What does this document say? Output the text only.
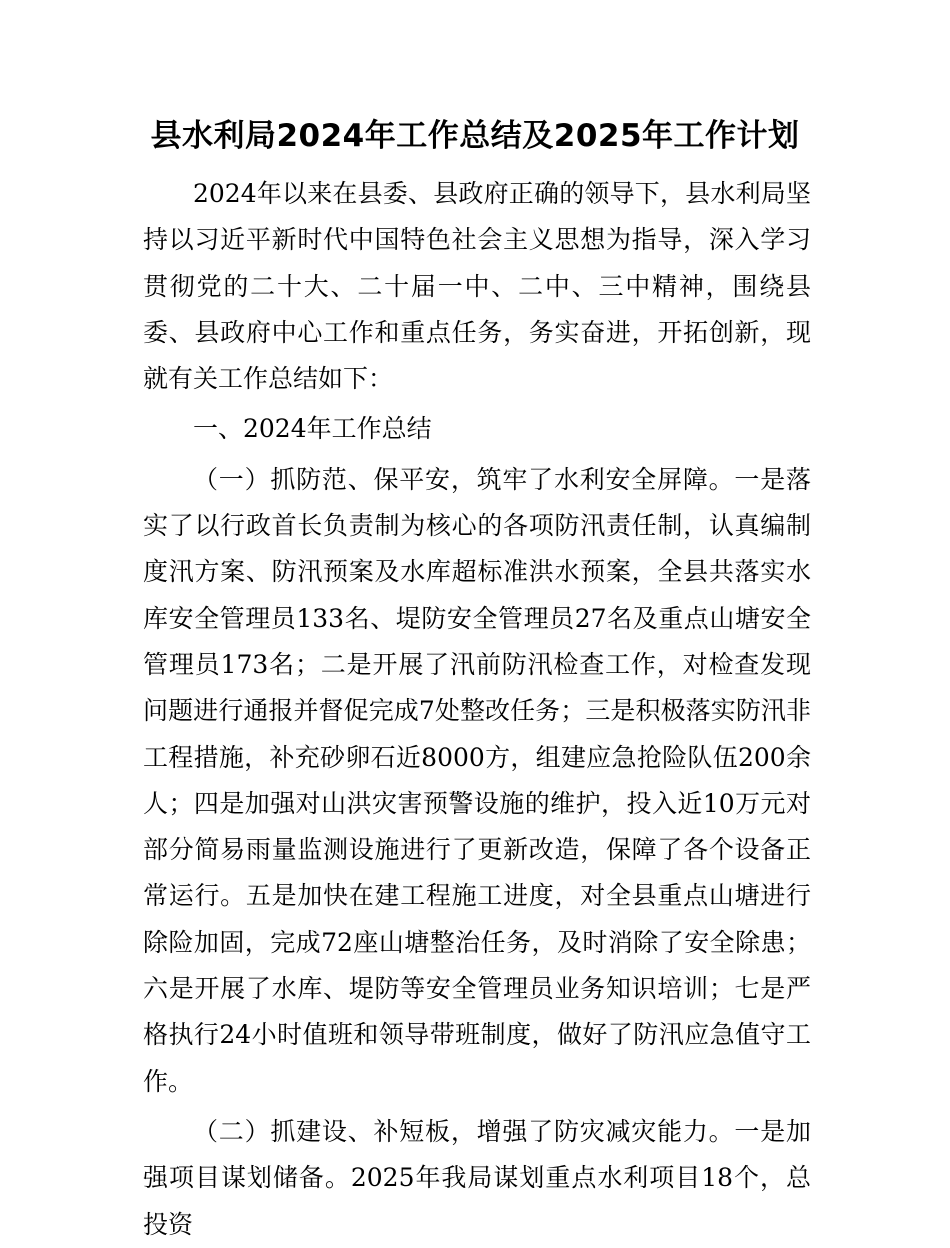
县水利局2024年工作总结及2025年工作计划

2024年以来在县委、县政府正确的领导下，县水利局坚持以习近平新时代中国特色社会主义思想为指导，深入学习贯彻党的二十大、二十届一中、二中、三中精神，围绕县委、县政府中心工作和重点任务，务实奋进，开拓创新，现就有关工作总结如下：

一、2024年工作总结

（一）抓防范、保平安，筑牢了水利安全屏障。一是落实了以行政首长负责制为核心的各项防汛责任制，认真编制度汛方案、防汛预案及水库超标准洪水预案，全县共落实水库安全管理员133名、堤防安全管理员27名及重点山塘安全管理员173名；二是开展了汛前防汛检查工作，对检查发现问题进行通报并督促完成7处整改任务；三是积极落实防汛非工程措施，补充砂卵石近8000方，组建应急抢险队伍200余人；四是加强对山洪灾害预警设施的维护，投入近10万元对部分简易雨量监测设施进行了更新改造，保障了各个设备正常运行。五是加快在建工程施工进度，对全县重点山塘进行除险加固，完成72座山塘整治任务，及时消除了安全除患；六是开展了水库、堤防等安全管理员业务知识培训；七是严格执行24小时值班和领导带班制度，做好了防汛应急值守工作。

（二）抓建设、补短板，增强了防灾减灾能力。一是加强项目谋划储备。2025年我局谋划重点水利项目18个，总投资
